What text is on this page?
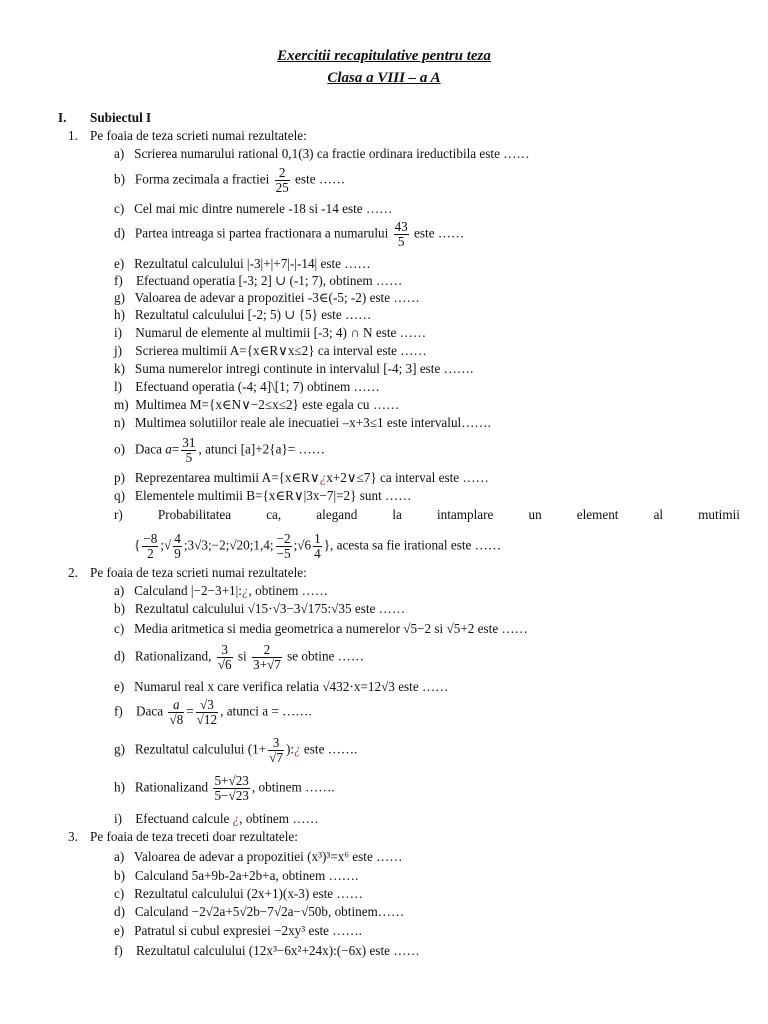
Exercitii recapitulative pentru teza
Clasa a VIII – a A
I. Subiectul I
1. Pe foaia de teza scrieti numai rezultatele:
a)   Scrierea numarului rational 0,1(3) ca fractie ordinara ireductibila este ……
b)   Forma zecimala a fractiei $\frac{2}{25}$ este ……
c)   Cel mai mic dintre numerele -18 si -14 este ……
d)   Partea intreaga si partea fractionara a numarului $\frac{43}{5}$ este ……
e)   Rezultatul calculului |-3|+|+7|-|-14| este ……
f)    Efectuand operatia [-3; 2] ∪ (-1; 7), obtinem ……
g)   Valoarea de adevar a propozitiei -3∈(-5; -2) este ……
h)   Rezultatul calculului [-2; 5) ∪ {5} este ……
i)    Numarul de elemente al multimii [-3; 4) ∩ N este ……
j)    Scrierea multimii A={x∈R∨x≤2} ca interval este ……
k)   Suma numerelor intregi continute in intervalul [-4; 3] este …….
l)    Efectuand operatia (-4; 4]\[1; 7) obtinem ……
m)  Multimea M={x∈N∨−2≤x≤2} este egala cu ……
n)   Multimea solutiilor reale ale inecuatiei –x+3≤1 este intervalul…….
o)   Daca $a= \frac{31}{5}$ , atunci [a]+2{a}= ……
p)   Reprezentarea multimii A={x∈R∨¿x+2∨≤7} ca interval este ……
q)   Elementele multimii B={x∈R∨|3x−7|=2} sunt ……
r)	Probabilitatea	ca,	alegand	la	intamplare	un	element	al	mutimii
{ $\frac{-8}{2}$ ;√ $\frac{4}{9}$ ;3√3;−2;√20;1,4; $\frac{-2}{-5}$ ;√6 $\frac{1}{4}$ }, acesta sa fie irational este ……
2. Pe foaia de teza scrieti numai rezultatele:
a)   Calculand |−2−3+1|:¿, obtinem ……
b)   Rezultatul calculului √15⋅√3−3√175:√35 este ……
c)   Media aritmetica si media geometrica a numerelor √5−2 si √5+2 este ……
d)   Rationalizand, $\frac{3}{√6}$ si $\frac{2}{3+√7}$ se obtine ……
e)   Numarul real x care verifica relatia √432⋅x=12√3 este ……
f)    Daca $\frac{a}{√8} = \frac{√3}{√12}$ , atunci a = …….
g)   Rezultatul calculului ($1+ \frac{3}{√7}$ ):¿ este …….
h)   Rationalizand $\frac{5+√23}{5-√23}$ , obtinem …….
i)    Efectuand calcule ¿, obtinem ……
3. Pe foaia de teza treceti doar rezultatele:
a)   Valoarea de adevar a propozitiei (x³)³=x⁶ este ……
b)   Calculand 5a+9b-2a+2b+a, obtinem …….
c)   Rezultatul calculului (2x+1)(x-3) este ……
d)   Calculand −2√2a+5√2b−7√2a−√50b, obtinem……
e)   Patratul si cubul expresiei −2xy³ este …….
f)    Rezultatul calculului (12x³−6x²+24x):(−6x) este ……
